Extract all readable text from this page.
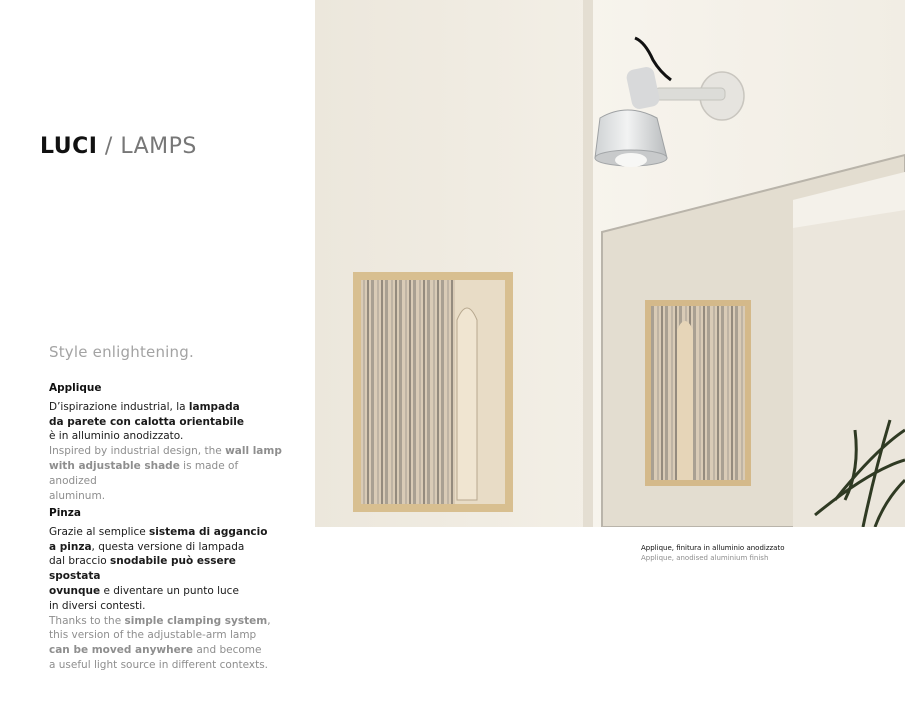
LUCI / LAMPS
Style enlightening.
Applique

D’ispirazione industrial, la lampada
da parete con calotta orientabile
è in alluminio anodizzato.

Inspired by industrial design, the wall lamp
with adjustable shade is made of anodized
aluminum.

Pinza

Grazie al semplice sistema di aggancio
a pinza, questa versione di lampada
dal braccio snodabile può essere spostata
ovunque e diventare un punto luce
in diversi contesti.

Thanks to the simple clamping system,
this version of the adjustable-arm lamp
can be moved anywhere and become
a useful light source in different contexts.

Applique, finitura in alluminio anodizzato
Applique, anodised aluminium finish
